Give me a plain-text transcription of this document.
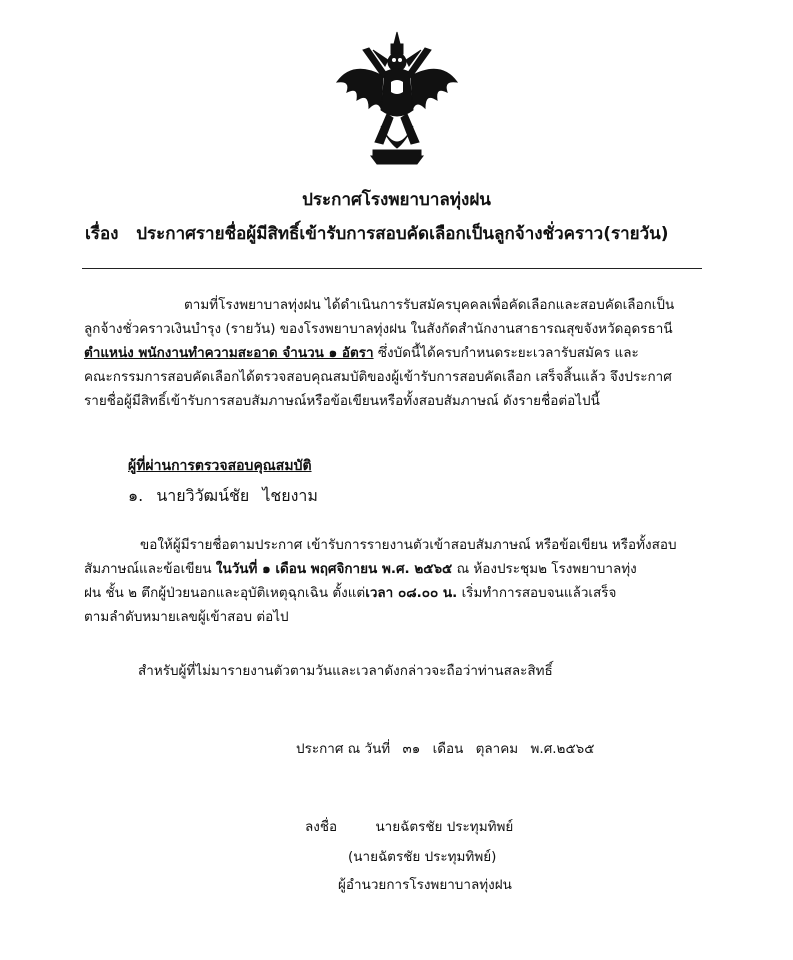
ประกาศโรงพยาบาลทุ่งฝน
เรื่อง ประกาศรายชื่อผู้มีสิทธิ์เข้ารับการสอบคัดเลือกเป็นลูกจ้างชั่วคราว(รายวัน)
ตามที่โรงพยาบาลทุ่งฝน ได้ดำเนินการรับสมัครบุคคลเพื่อคัดเลือกและสอบคัดเลือกเป็น
ลูกจ้างชั่วคราวเงินบำรุง (รายวัน) ของโรงพยาบาลทุ่งฝน ในสังกัดสำนักงานสาธารณสุขจังหวัดอุดรธานี
ตำแหน่ง พนักงานทำความสะอาด จำนวน ๑ อัตรา ซึ่งบัดนี้ได้ครบกำหนดระยะเวลารับสมัคร และ
คณะกรรมการสอบคัดเลือกได้ตรวจสอบคุณสมบัติของผู้เข้ารับการสอบคัดเลือก เสร็จสิ้นแล้ว จึงประกาศ
รายชื่อผู้มีสิทธิ์เข้ารับการสอบสัมภาษณ์หรือข้อเขียนหรือทั้งสอบสัมภาษณ์ ดังรายชื่อต่อไปนี้
ผู้ที่ผ่านการตรวจสอบคุณสมบัติ
๑. นายวิวัฒน์ชัย ไชยงาม
ขอให้ผู้มีรายชื่อตามประกาศ เข้ารับการรายงานตัวเข้าสอบสัมภาษณ์ หรือข้อเขียน หรือทั้งสอบ
สัมภาษณ์และข้อเขียน ในวันที่ ๑ เดือน พฤศจิกายน พ.ศ. ๒๕๖๕ ณ ห้องประชุม๒ โรงพยาบาลทุ่ง
ฝน ชั้น ๒ ตึกผู้ป่วยนอกและอุบัติเหตุฉุกเฉิน ตั้งแต่เวลา ๐๘.๐๐ น. เริ่มทำการสอบจนแล้วเสร็จ
ตามลำดับหมายเลขผู้เข้าสอบ ต่อไป
สำหรับผู้ที่ไม่มารายงานตัวตามวันและเวลาดังกล่าวจะถือว่าท่านสละสิทธิ์
ประกาศ ณ วันที่ ๓๑ เดือน ตุลาคม พ.ศ.๒๕๖๕
ลงชื่อ	นายฉัตรชัย ประทุมทิพย์
(นายฉัตรชัย ประทุมทิพย์)
ผู้อำนวยการโรงพยาบาลทุ่งฝน
